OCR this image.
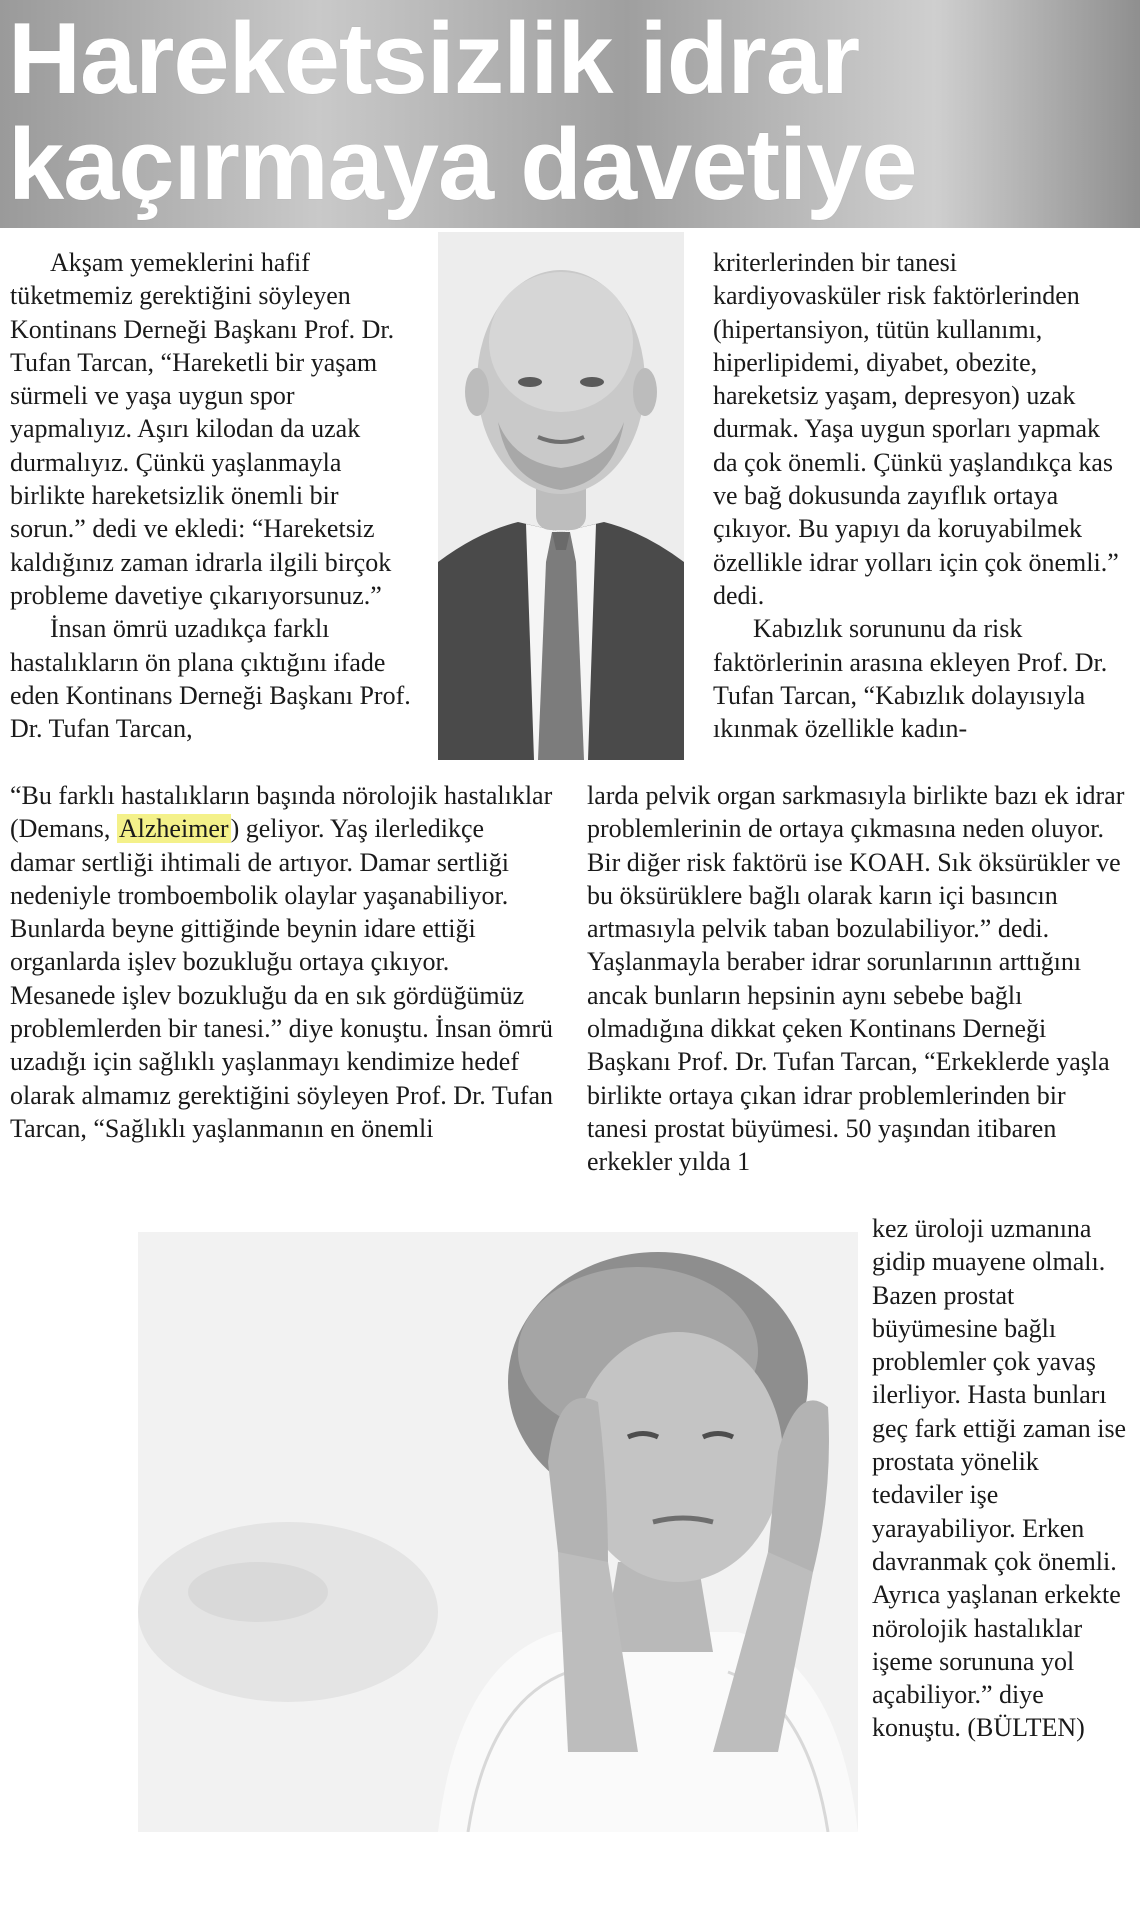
Hareketsizlik idrar
kaçırmaya davetiye

Akşam yemeklerini hafif tüketmemiz gerektiğini söyleyen Kontinans Derneği Başkanı Prof. Dr. Tufan Tarcan, “Hareketli bir yaşam sürmeli ve yaşa uygun spor yapmalıyız. Aşırı kilodan da uzak durmalıyız. Çünkü yaşlanmayla birlikte hareketsizlik önemli bir sorun.” dedi ve ekledi: “Hareketsiz kaldığınız zaman idrarla ilgili birçok probleme davetiye çıkarıyorsunuz.”

İnsan ömrü uzadıkça farklı hastalıkların ön plana çıktığını ifade eden Kontinans Derneği Başkanı Prof. Dr. Tufan Tarcan,

“Bu farklı hastalıkların başında nörolojik hastalıklar (Demans, Alzheimer) geliyor. Yaş ilerledikçe damar sertliği ihtimali de artıyor. Damar sertliği nedeniyle tromboembolik olaylar yaşanabiliyor. Bunlarda beyne gittiğinde beynin idare ettiği organlarda işlev bozukluğu ortaya çıkıyor. Mesanede işlev bozukluğu da en sık gördüğümüz problemlerden bir tanesi.” diye konuştu. İnsan ömrü uzadığı için sağlıklı yaşlanmayı kendimize hedef olarak almamız gerektiğini söyleyen Prof. Dr. Tufan Tarcan, “Sağlıklı yaşlanmanın en önemli

kriterlerinden bir tanesi kardiyovasküler risk faktörlerinden (hipertansiyon, tütün kullanımı, hiperlipidemi, diyabet, obezite, hareketsiz yaşam, depresyon) uzak durmak. Yaşa uygun sporları yapmak da çok önemli. Çünkü yaşlandıkça kas ve bağ dokusunda zayıflık ortaya çıkıyor. Bu yapıyı da koruyabilmek özellikle idrar yolları için çok önemli.” dedi.

Kabızlık sorununu da risk faktörlerinin arasına ekleyen Prof. Dr. Tufan Tarcan, “Kabızlık dolayısıyla ıkınmak özellikle kadın-

larda pelvik organ sarkmasıyla birlikte bazı ek idrar problemlerinin de ortaya çıkmasına neden oluyor. Bir diğer risk faktörü ise KOAH. Sık öksürükler ve bu öksürüklere bağlı olarak karın içi basıncın artmasıyla pelvik taban bozulabiliyor.” dedi. Yaşlanmayla beraber idrar sorunlarının arttığını ancak bunların hepsinin aynı sebebe bağlı olmadığına dikkat çeken Kontinans Derneği Başkanı Prof. Dr. Tufan Tarcan, “Erkeklerde yaşla birlikte ortaya çıkan idrar problemlerinden bir tanesi prostat büyümesi. 50 yaşından itibaren erkekler yılda 1

kez üroloji uzmanına gidip muayene olmalı. Bazen prostat büyümesine bağlı problemler çok yavaş ilerliyor. Hasta bunları geç fark ettiği zaman ise prostata yönelik tedaviler işe yarayabiliyor. Erken davranmak çok önemli. Ayrıca yaşlanan erkekte nörolojik hastalıklar işeme sorununa yol açabiliyor.” diye konuştu. (BÜLTEN)
